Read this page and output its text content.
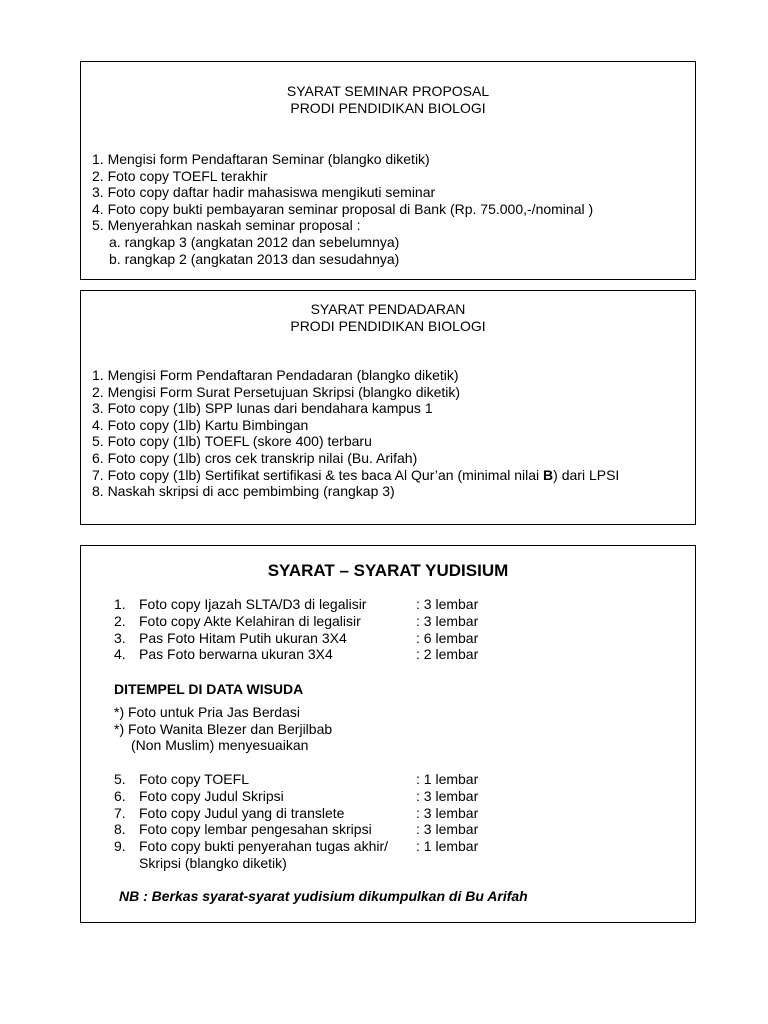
SYARAT SEMINAR PROPOSAL
PRODI PENDIDIKAN BIOLOGI
1. Mengisi form Pendaftaran Seminar (blangko diketik)
2. Foto copy TOEFL terakhir
3. Foto copy daftar hadir mahasiswa mengikuti seminar
4. Foto copy bukti pembayaran seminar proposal di Bank (Rp. 75.000,-/nominal )
5. Menyerahkan naskah seminar proposal :
a. rangkap 3 (angkatan 2012 dan sebelumnya)
b. rangkap 2 (angkatan 2013 dan sesudahnya)
SYARAT PENDADARAN
PRODI PENDIDIKAN BIOLOGI
1. Mengisi Form Pendaftaran Pendadaran (blangko diketik)
2. Mengisi Form Surat Persetujuan Skripsi (blangko diketik)
3. Foto copy (1lb) SPP lunas dari bendahara kampus 1
4. Foto copy (1lb) Kartu Bimbingan
5. Foto copy (1lb) TOEFL (skore 400) terbaru
6. Foto copy (1lb) cros cek transkrip nilai (Bu. Arifah)
7. Foto copy (1lb) Sertifikat sertifikasi & tes baca Al Qur’an (minimal nilai B) dari LPSI
8. Naskah skripsi di acc pembimbing (rangkap 3)
SYARAT – SYARAT YUDISIUM
1. Foto copy Ijazah SLTA/D3 di legalisir	: 3 lembar
2. Foto copy Akte Kelahiran di legalisir	: 3 lembar
3. Pas Foto Hitam Putih ukuran 3X4	: 6 lembar
4. Pas Foto berwarna ukuran 3X4	: 2 lembar
DITEMPEL DI DATA WISUDA
*) Foto untuk Pria Jas Berdasi
*) Foto Wanita Blezer dan Berjilbab
(Non Muslim) menyesuaikan
5. Foto copy TOEFL	: 1 lembar
6. Foto copy Judul Skripsi	: 3 lembar
7. Foto copy Judul yang di translete	: 3 lembar
8. Foto copy lembar pengesahan skripsi	: 3 lembar
9. Foto copy bukti penyerahan tugas akhir/ : 1 lembar
Skripsi (blangko diketik)
NB : Berkas syarat-syarat yudisium dikumpulkan di Bu Arifah
